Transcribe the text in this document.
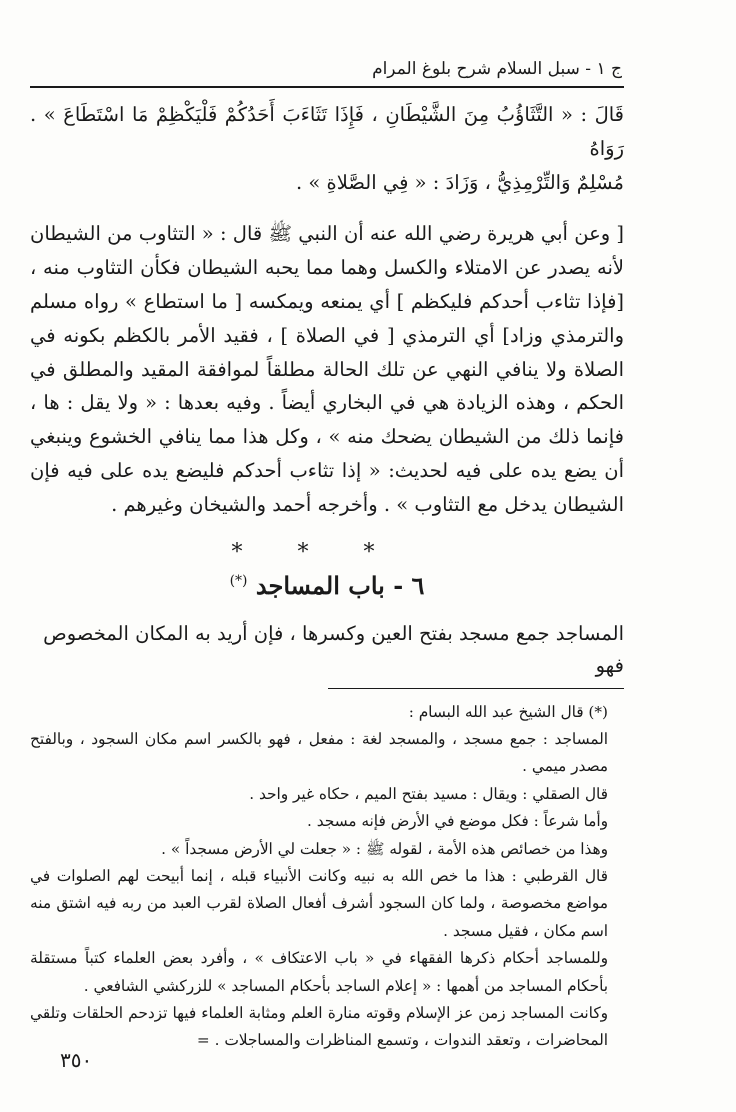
ج ١ - سبل السلام شرح بلوغ المرام

قَالَ : « التَّثَاؤُبُ مِنَ الشَّيْطَانِ ، فَإِذَا تَثَاءَبَ أَحَدُكُمْ فَلْيَكْظِمْ مَا اسْتَطَاعَ » . رَوَاهُ

مُسْلِمٌ وَالتِّرْمِذِيُّ ، وَزَادَ : « فِي الصَّلاةِ » .

[ وعن أبي هريرة رضي الله عنه أن النبي ﷺ قال : « التثاوب من الشيطان لأنه يصدر عن الامتلاء والكسل وهما مما يحبه الشيطان فكأن التثاوب منه ، [فإذا تثاءب أحدكم فليكظم ] أي يمنعه ويمكسه [ ما استطاع » رواه مسلم والترمذي وزاد] أي الترمذي [ في الصلاة ] ، فقيد الأمر بالكظم بكونه في الصلاة ولا ينافي النهي عن تلك الحالة مطلقاً لموافقة المقيد والمطلق في الحكم ، وهذه الزيادة هي في البخاري أيضاً . وفيه بعدها : « ولا يقل : ها ، فإنما ذلك من الشيطان يضحك منه » ، وكل هذا مما ينافي الخشوع وينبغي أن يضع يده على فيه لحديث: « إذا تثاءب أحدكم فليضع يده على فيه فإن الشيطان يدخل مع التثاوب » . وأخرجه أحمد والشيخان وغيرهم .

* * *
٦ - باب المساجد (*)

المساجد جمع مسجد بفتح العين وكسرها ، فإن أريد به المكان المخصوص فهو

(*) قال الشيخ عبد الله البسام :

المساجد : جمع مسجد ، والمسجد لغة : مفعل ، فهو بالكسر اسم مكان السجود ، وبالفتح مصدر ميمي .

قال الصقلي : ويقال : مسيد بفتح الميم ، حكاه غير واحد .

وأما شرعاً : فكل موضع في الأرض فإنه مسجد .

وهذا من خصائص هذه الأمة ، لقوله ﷺ : « جعلت لي الأرض مسجداً » .

قال القرطبي : هذا ما خص الله به نبيه وكانت الأنبياء قبله ، إنما أبيحت لهم الصلوات في مواضع مخصوصة ، ولما كان السجود أشرف أفعال الصلاة لقرب العبد من ربه فيه اشتق منه اسم مكان ، فقيل مسجد .

وللمساجد أحكام ذكرها الفقهاء في « باب الاعتكاف » ، وأفرد بعض العلماء كتباً مستقلة بأحكام المساجد من أهمها : « إعلام الساجد بأحكام المساجد » للزركشي الشافعي .

وكانت المساجد زمن عز الإسلام وقوته منارة العلم ومثابة العلماء فيها تزدحم الحلقات وتلقي المحاضرات ، وتعقد الندوات ، وتسمع المناظرات والمساجلات . =

٣٥٠
